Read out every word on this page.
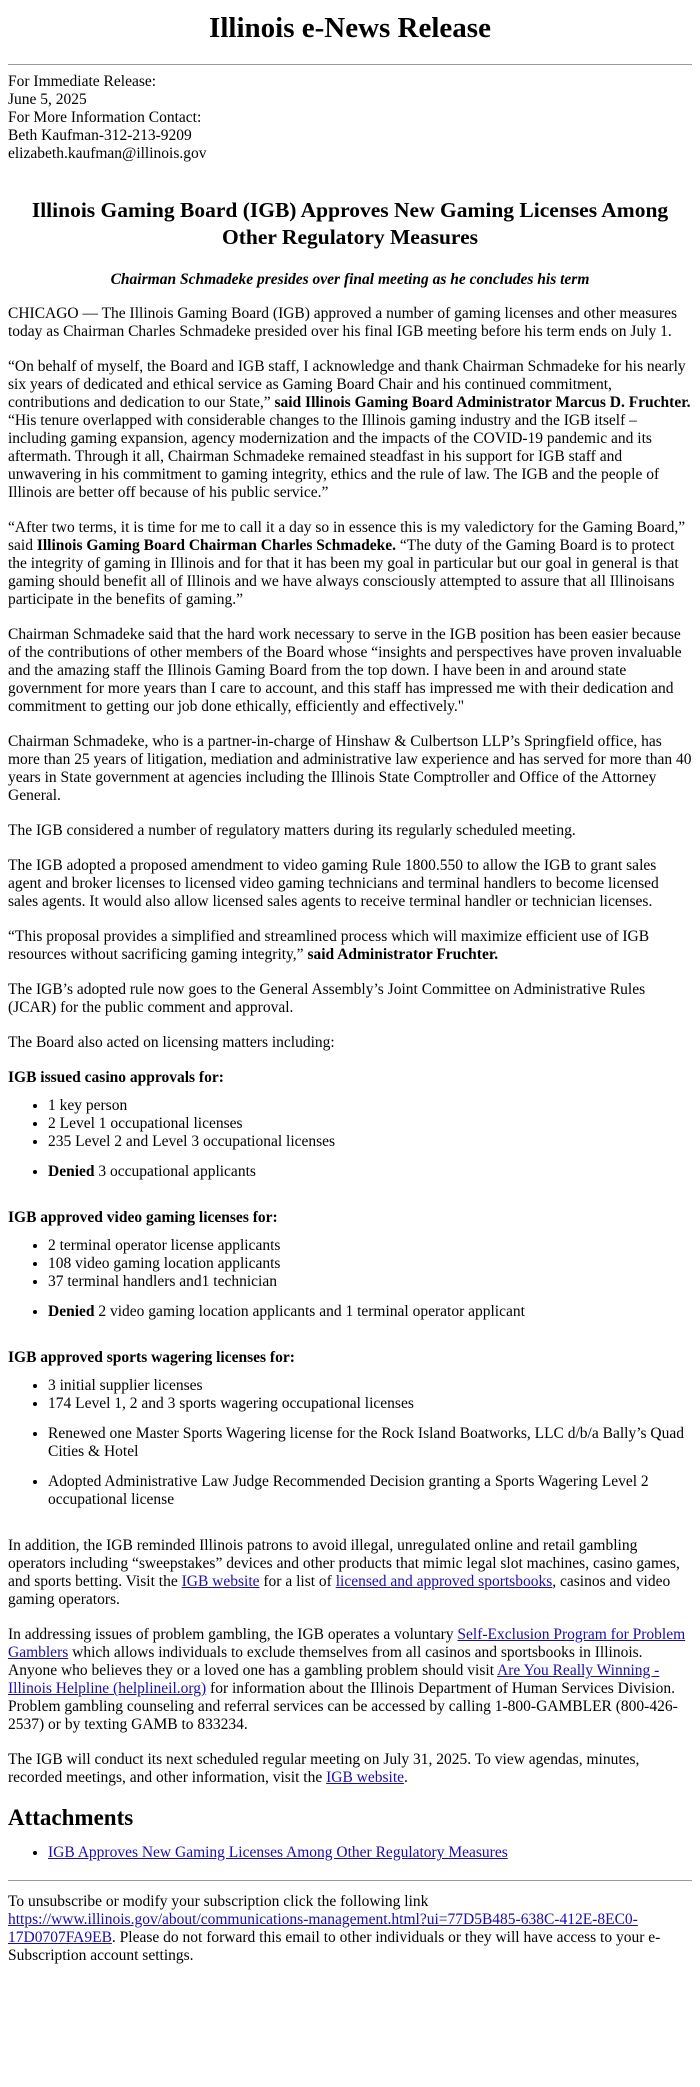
Illinois e-News Release
For Immediate Release:
June 5, 2025
For More Information Contact:
Beth Kaufman-312-213-9209
elizabeth.kaufman@illinois.gov
Illinois Gaming Board (IGB) Approves New Gaming Licenses Among Other Regulatory Measures

Chairman Schmadeke presides over final meeting as he concludes his term

CHICAGO — The Illinois Gaming Board (IGB) approved a number of gaming licenses and other measures today as Chairman Charles Schmadeke presided over his final IGB meeting before his term ends on July 1.

“On behalf of myself, the Board and IGB staff, I acknowledge and thank Chairman Schmadeke for his nearly six years of dedicated and ethical service as Gaming Board Chair and his continued commitment, contributions and dedication to our State,” said Illinois Gaming Board Administrator Marcus D. Fruchter. “His tenure overlapped with considerable changes to the Illinois gaming industry and the IGB itself – including gaming expansion, agency modernization and the impacts of the COVID-19 pandemic and its aftermath. Through it all, Chairman Schmadeke remained steadfast in his support for IGB staff and unwavering in his commitment to gaming integrity, ethics and the rule of law. The IGB and the people of Illinois are better off because of his public service.”

“After two terms, it is time for me to call it a day so in essence this is my valedictory for the Gaming Board,” said Illinois Gaming Board Chairman Charles Schmadeke. “The duty of the Gaming Board is to protect the integrity of gaming in Illinois and for that it has been my goal in particular but our goal in general is that gaming should benefit all of Illinois and we have always consciously attempted to assure that all Illinoisans participate in the benefits of gaming.”

Chairman Schmadeke said that the hard work necessary to serve in the IGB position has been easier because of the contributions of other members of the Board whose “insights and perspectives have proven invaluable and the amazing staff the Illinois Gaming Board from the top down. I have been in and around state government for more years than I care to account, and this staff has impressed me with their dedication and commitment to getting our job done ethically, efficiently and effectively."

Chairman Schmadeke, who is a partner-in-charge of Hinshaw & Culbertson LLP’s Springfield office, has more than 25 years of litigation, mediation and administrative law experience and has served for more than 40 years in State government at agencies including the Illinois State Comptroller and Office of the Attorney General.

The IGB considered a number of regulatory matters during its regularly scheduled meeting.

The IGB adopted a proposed amendment to video gaming Rule 1800.550 to allow the IGB to grant sales agent and broker licenses to licensed video gaming technicians and terminal handlers to become licensed sales agents. It would also allow licensed sales agents to receive terminal handler or technician licenses.

“This proposal provides a simplified and streamlined process which will maximize efficient use of IGB resources without sacrificing gaming integrity,” said Administrator Fruchter.

The IGB’s adopted rule now goes to the General Assembly’s Joint Committee on Administrative Rules (JCAR) for the public comment and approval.

The Board also acted on licensing matters including:

IGB issued casino approvals for:

• 1 key person
• 2 Level 1 occupational licenses
• 235 Level 2 and Level 3 occupational licenses
• Denied 3 occupational applicants

IGB approved video gaming licenses for:

• 2 terminal operator license applicants
• 108 video gaming location applicants
• 37 terminal handlers and1 technician
• Denied 2 video gaming location applicants and 1 terminal operator applicant

IGB approved sports wagering licenses for:

• 3 initial supplier licenses
• 174 Level 1, 2 and 3 sports wagering occupational licenses
• Renewed one Master Sports Wagering license for the Rock Island Boatworks, LLC d/b/a Bally’s Quad Cities & Hotel
• Adopted Administrative Law Judge Recommended Decision granting a Sports Wagering Level 2 occupational license

In addition, the IGB reminded Illinois patrons to avoid illegal, unregulated online and retail gambling operators including “sweepstakes” devices and other products that mimic legal slot machines, casino games, and sports betting. Visit the IGB website for a list of licensed and approved sportsbooks, casinos and video gaming operators.

In addressing issues of problem gambling, the IGB operates a voluntary Self-Exclusion Program for Problem Gamblers which allows individuals to exclude themselves from all casinos and sportsbooks in Illinois. Anyone who believes they or a loved one has a gambling problem should visit Are You Really Winning - Illinois Helpline (helplineil.org) for information about the Illinois Department of Human Services Division. Problem gambling counseling and referral services can be accessed by calling 1-800-GAMBLER (800-426-2537) or by texting GAMB to 833234.

The IGB will conduct its next scheduled regular meeting on July 31, 2025. To view agendas, minutes, recorded meetings, and other information, visit the IGB website.

Attachments
• IGB Approves New Gaming Licenses Among Other Regulatory Measures

To unsubscribe or modify your subscription click the following link
https://www.illinois.gov/about/communications-management.html?ui=77D5B485-638C-412E-8EC0-17D0707FA9EB. Please do not forward this email to other individuals or they will have access to your e-Subscription account settings.
